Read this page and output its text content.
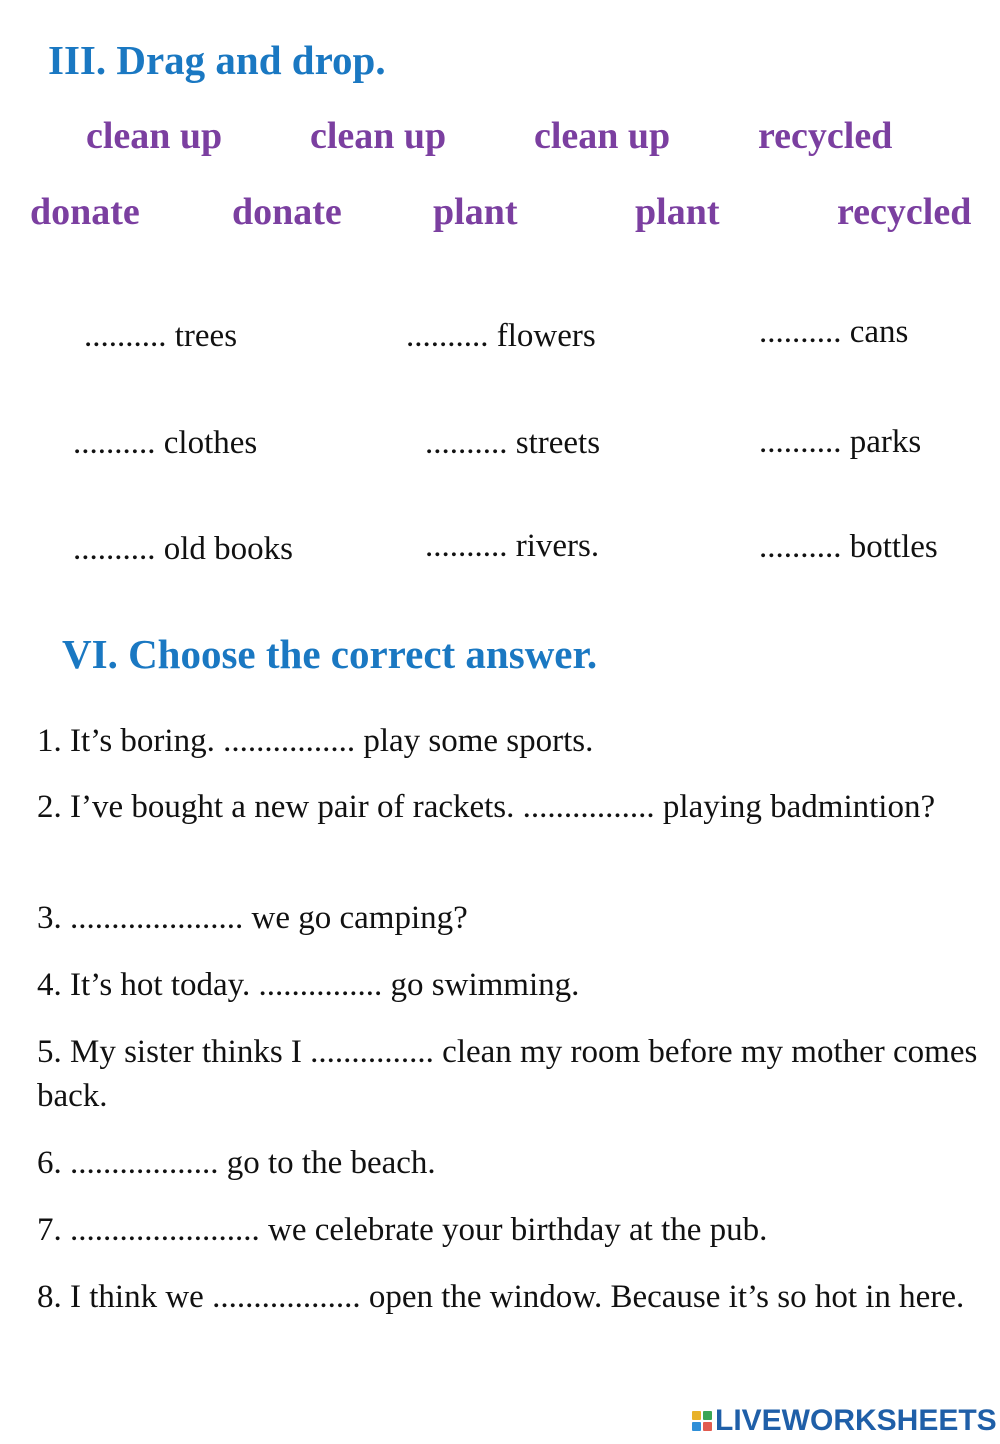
III. Drag and drop.
clean up clean up clean up recycled
donate donate plant	plant	recycled
.......... trees	.......... flowers	.......... cans
.......... clothes	.......... streets	.......... parks
.......... old books	.......... rivers.	.......... bottles
VI. Choose the correct answer.

1. It’s boring. ................ play some sports.

2. I’ve bought a new pair of rackets. ................ playing badmintion?

3. ..................... we go camping?

4. It’s hot today. ............... go swimming.

5. My sister thinks I ............... clean my room before my mother comes back.

6. .................. go to the beach.

7. ....................... we celebrate your birthday at the pub.

8. I think we .................. open the window. Because it’s so hot in here.

LIVEWORKSHEETS
